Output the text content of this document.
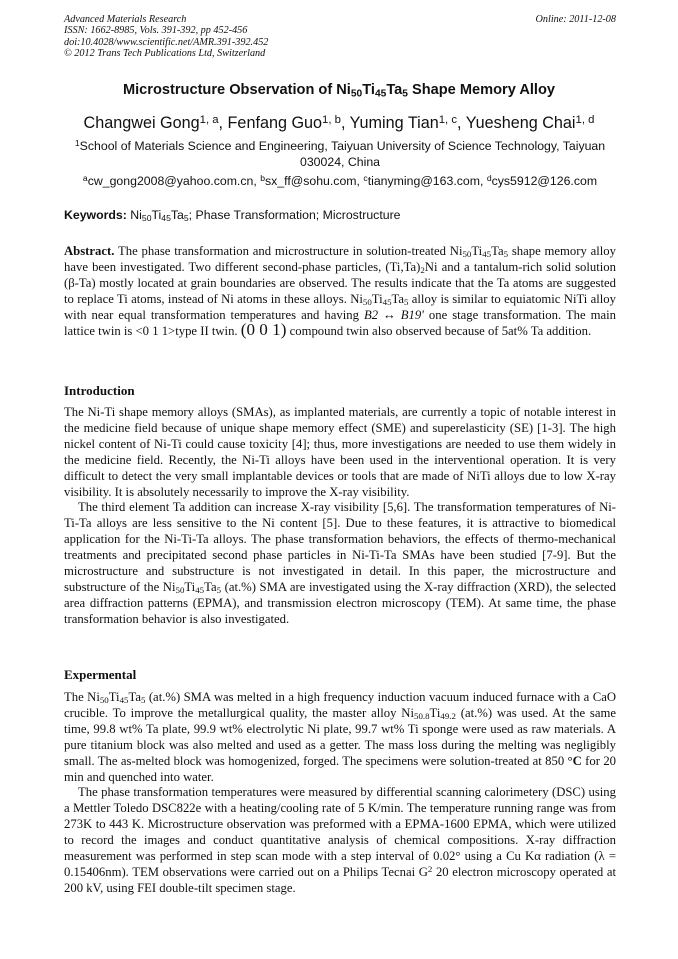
Advanced Materials Research	Online: 2011-12-08
ISSN: 1662-8985, Vols. 391-392, pp 452-456
doi:10.4028/www.scientific.net/AMR.391-392.452
© 2012 Trans Tech Publications Ltd, Switzerland
Microstructure Observation of $Ni_{50}Ti_{45}Ta_5$ Shape Memory Alloy
Changwei Gong$^{1, a}$, Fenfang Guo$^{1, b}$, Yuming Tian$^{1, c}$, Yuesheng Chai$^{1, d}$
$^1$School of Materials Science and Engineering, Taiyuan University of Science Technology, Taiyuan 030024, China
$^a$cw_gong2008@yahoo.com.cn, $^b$sx_ff@sohu.com, $^c$tianyming@163.com, $^d$cys5912@126.com
Keywords: $Ni_{50}Ti_{45}Ta_5$; Phase Transformation; Microstructure

Abstract. The phase transformation and microstructure in solution-treated $Ni_{50}Ti_{45}Ta_5$ shape memory alloy have been investigated. Two different second-phase particles, $(Ti,Ta)_2Ni$ and a tantalum-rich solid solution (β-Ta) mostly located at grain boundaries are observed. The results indicate that the Ta atoms are suggested to replace Ti atoms, instead of Ni atoms in these alloys. $Ni_{50}Ti_{45}Ta_5$ alloy is similar to equiatomic NiTi alloy with near equal transformation temperatures and having B2 ↔ B19' one stage transformation. The main lattice twin is <0 1 1>type II twin. (0 0 1) compound twin also observed because of 5at% Ta addition.

Introduction

The Ni-Ti shape memory alloys (SMAs), as implanted materials, are currently a topic of notable interest in the medicine field because of unique shape memory effect (SME) and superelasticity (SE) [1-3]. The high nickel content of Ni-Ti could cause toxicity [4]; thus, more investigations are needed to use them widely in the medicine field. Recently, the Ni-Ti alloys have been used in the interventional operation. It is very difficult to detect the very small implantable devices or tools that are made of NiTi alloys due to low X-ray visibility. It is absolutely necessarily to improve the X-ray visibility.

The third element Ta addition can increase X-ray visibility [5,6]. The transformation temperatures of Ni-Ti-Ta alloys are less sensitive to the Ni content [5]. Due to these features, it is attractive to biomedical application for the Ni-Ti-Ta alloys. The phase transformation behaviors, the effects of thermo-mechanical treatments and precipitated second phase particles in Ni-Ti-Ta SMAs have been studied [7-9]. But the microstructure and substructure is not investigated in detail. In this paper, the microstructure and substructure of the $Ni_{50}Ti_{45}Ta_5$ (at.%) SMA are investigated using the X-ray diffraction (XRD), the selected area diffraction patterns (EPMA), and transmission electron microscopy (TEM). At same time, the phase transformation behavior is also investigated.

Expermental

The $Ni_{50}Ti_{45}Ta_5$ (at.%) SMA was melted in a high frequency induction vacuum induced furnace with a CaO crucible. To improve the metallurgical quality, the master alloy $Ni_{50.8}Ti_{49.2}$ (at.%) was used. At the same time, 99.8 wt% Ta plate, 99.9 wt% electrolytic Ni plate, 99.7 wt% Ti sponge were used as raw materials. A pure titanium block was also melted and used as a getter. The mass loss during the melting was negligibly small. The as-melted block was homogenized, forged. The specimens were solution-treated at 850 °C for 20 min and quenched into water.

The phase transformation temperatures were measured by differential scanning calorimetery (DSC) using a Mettler Toledo DSC822e with a heating/cooling rate of 5 K/min. The temperature running range was from 273K to 443 K. Microstructure observation was preformed with a EPMA-1600 EPMA, which were utilized to record the images and conduct quantitative analysis of chemical compositions. X-ray diffraction measurement was performed in step scan mode with a step interval of 0.02° using a Cu Kα radiation (λ = 0.15406nm). TEM observations were carried out on a Philips Tecnai $G^2$ 20 electron microscopy operated at 200 kV, using FEI double-tilt specimen stage.
